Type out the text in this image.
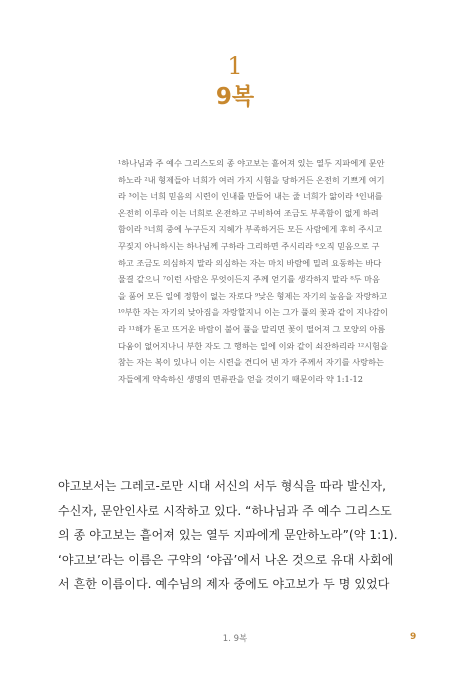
1
9복
¹하나님과 주 예수 그리스도의 종 야고보는 흩어져 있는 열두 지파에게 문안
하노라 ²내 형제들아 너희가 여러 가지 시험을 당하거든 온전히 기쁘게 여기
라 ³이는 너희 믿음의 시련이 인내를 만들어 내는 줄 너희가 앎이라 ⁴인내를
온전히 이루라 이는 너희로 온전하고 구비하여 조금도 부족함이 없게 하려
함이라 ⁵너희 중에 누구든지 지혜가 부족하거든 모든 사람에게 후히 주시고
꾸짖지 아니하시는 하나님께 구하라 그리하면 주시리라 ⁶오직 믿음으로 구
하고 조금도 의심하지 말라 의심하는 자는 마치 바람에 밀려 요동하는 바다
물결 같으니 ⁷이런 사람은 무엇이든지 주께 얻기를 생각하지 말라 ⁸두 마음
을 품어 모든 일에 정함이 없는 자로다 ⁹낮은 형제는 자기의 높음을 자랑하고
¹⁰부한 자는 자기의 낮아짐을 자랑할지니 이는 그가 풀의 꽃과 같이 지나감이
라 ¹¹해가 돋고 뜨거운 바람이 불어 풀을 말리면 꽃이 떨어져 그 모양의 아름
다움이 없어지나니 부한 자도 그 행하는 일에 이와 같이 쇠잔하리라 ¹²시험을
참는 자는 복이 있나니 이는 시련을 견디어 낸 자가 주께서 자기를 사랑하는
자들에게 약속하신 생명의 면류관을 얻을 것이기 때문이라 약 1:1-12
야고보서는 그레코-로만 시대 서신의 서두 형식을 따라 발신자,
수신자, 문안인사로 시작하고 있다. “하나님과 주 예수 그리스도
의 종 야고보는 흩어져 있는 열두 지파에게 문안하노라”(약 1:1).
‘야고보’라는 이름은 구약의 ‘야곱’에서 나온 것으로 유대 사회에
서 흔한 이름이다. 예수님의 제자 중에도 야고보가 두 명 있었다
1. 9복	9
